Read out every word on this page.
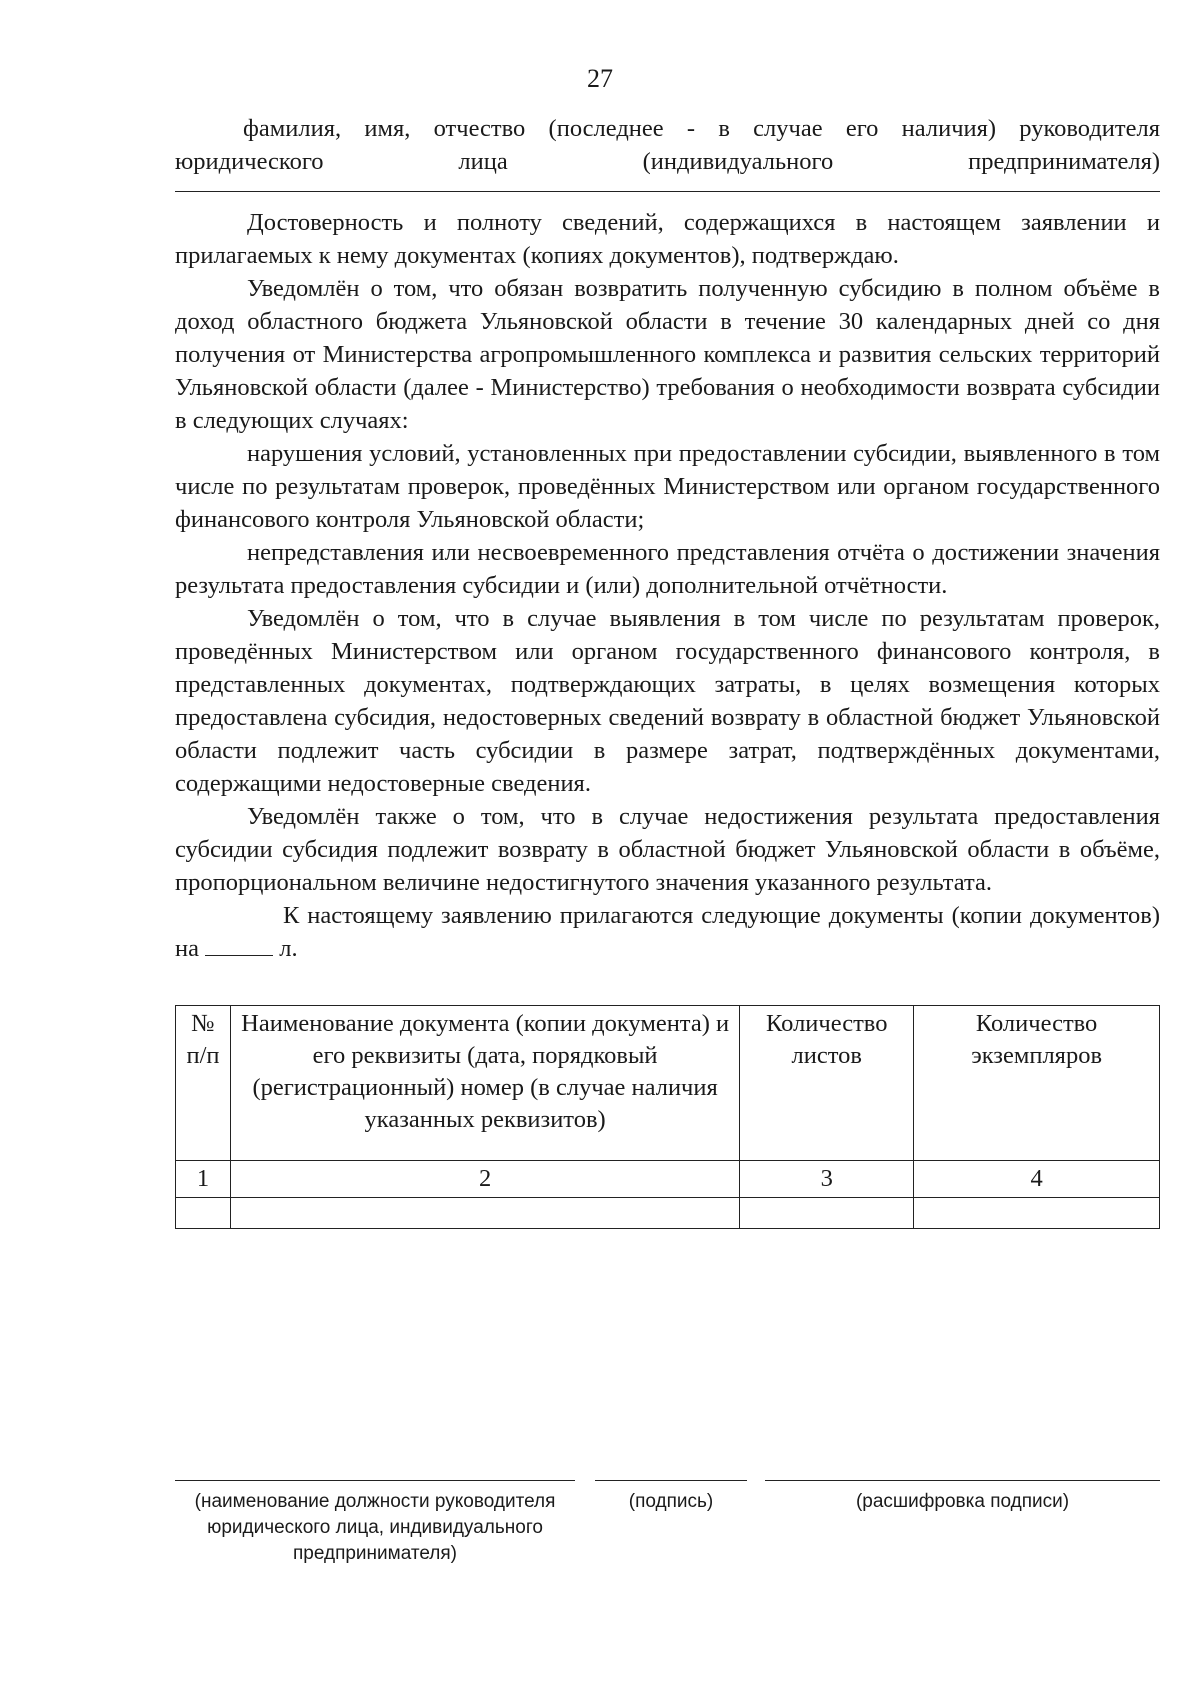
27

фамилия, имя, отчество (последнее - в случае его наличия) руководителя

юридического лица (индивидуального предпринимателя)

Достоверность и полноту сведений, содержащихся в настоящем заявлении и прилагаемых к нему документах (копиях документов), подтверждаю.

Уведомлён о том, что обязан возвратить полученную субсидию в полном объёме в доход областного бюджета Ульяновской области в течение 30 календарных дней со дня получения от Министерства агропромышленного комплекса и развития сельских территорий Ульяновской области (далее - Министерство) требования о необходимости возврата субсидии в следующих случаях:

нарушения условий, установленных при предоставлении субсидии, выявленного в том числе по результатам проверок, проведённых Министерством или органом государственного финансового контроля Ульяновской области;

непредставления или несвоевременного представления отчёта о достижении значения результата предоставления субсидии и (или) дополнительной отчётности.

Уведомлён о том, что в случае выявления в том числе по результатам проверок, проведённых Министерством или органом государственного финансового контроля, в представленных документах, подтверждающих затраты, в целях возмещения которых предоставлена субсидия, недостоверных сведений возврату в областной бюджет Ульяновской области подлежит часть субсидии в размере затрат, подтверждённых документами, содержащими недостоверные сведения.

Уведомлён также о том, что в случае недостижения результата предоставления субсидии субсидия подлежит возврату в областной бюджет Ульяновской области в объёме, пропорциональном величине недостигнутого значения указанного результата.

К настоящему заявлению прилагаются следующие документы (копии документов) на	л.

№ п/п	Наименование документа (копии документа) и его реквизиты (дата, порядковый (регистрационный) номер (в случае наличия указанных реквизитов)	Количество листов	Количество экземпляров
1	2	3	4

(наименование должности руководителя юридического лица, индивидуального предпринимателя)
(подпись)	(расшифровка подписи)
